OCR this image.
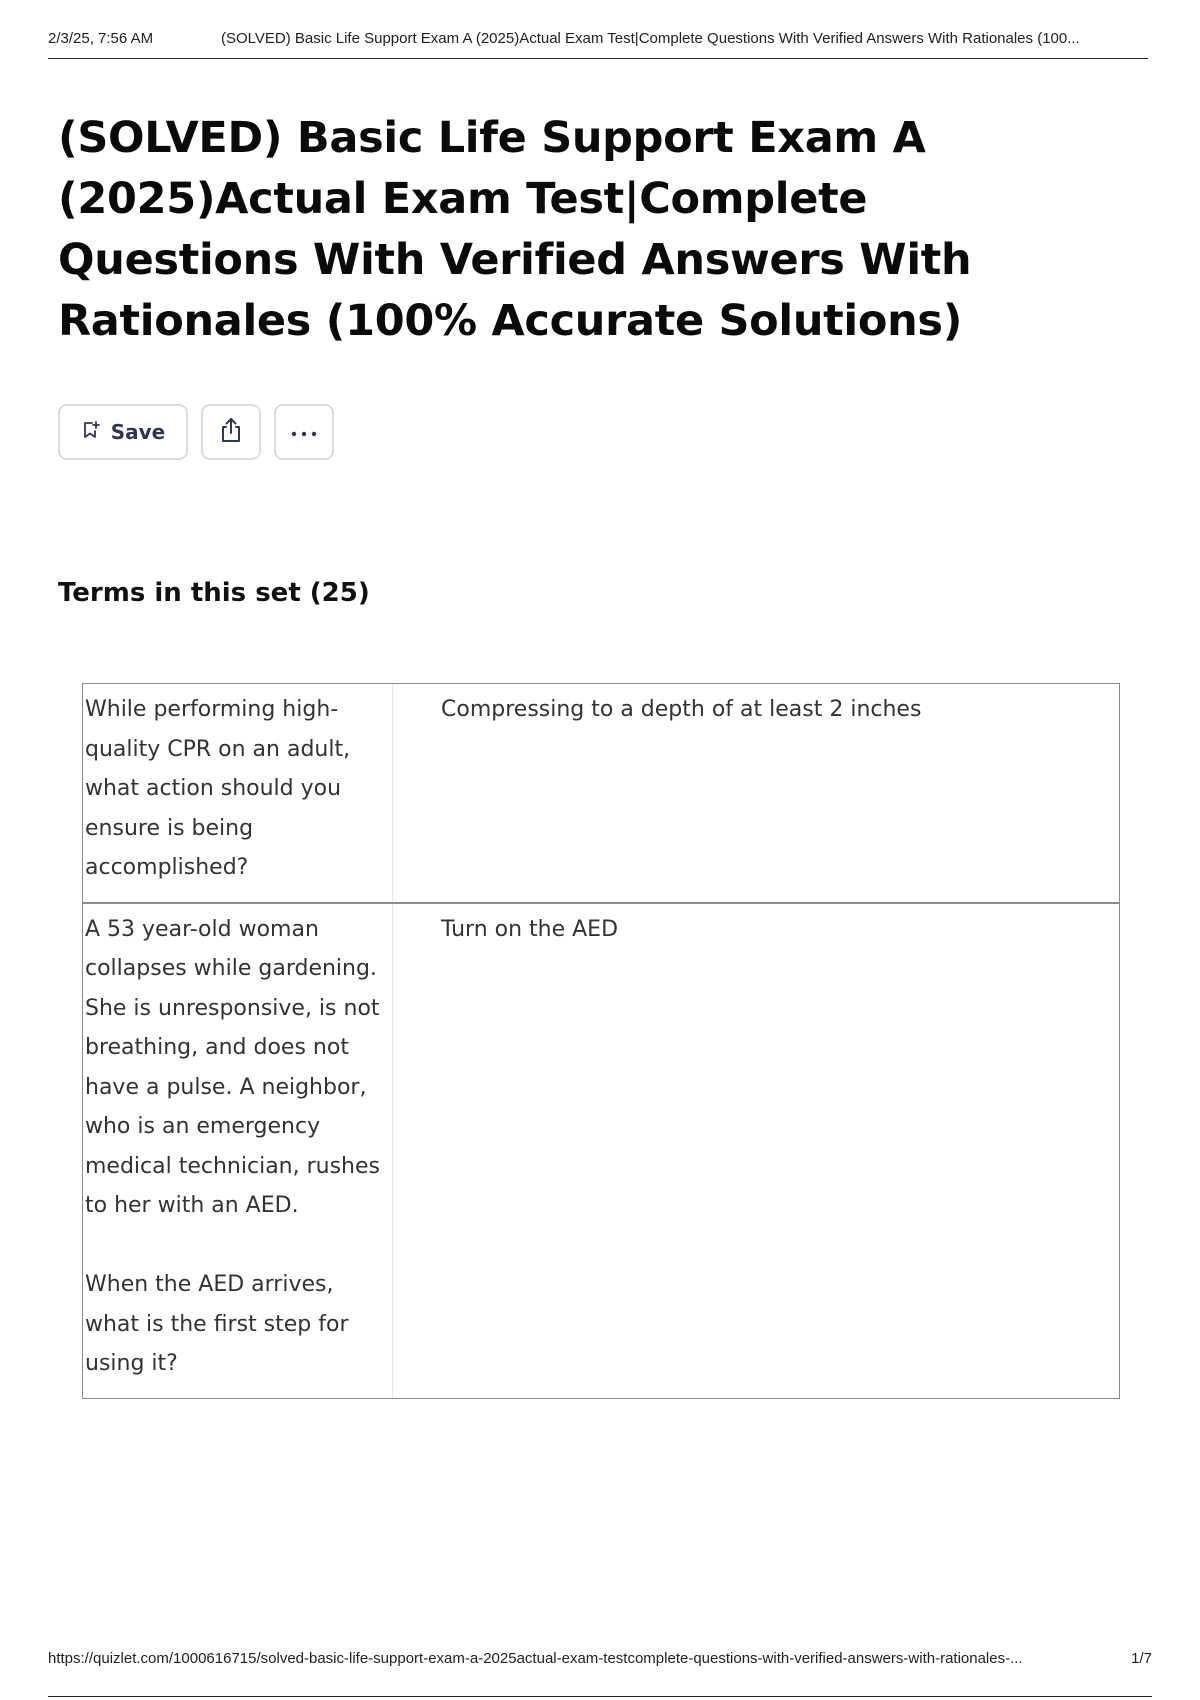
2/3/25, 7:56 AM	(SOLVED) Basic Life Support Exam A (2025)Actual Exam Test|Complete Questions With Verified Answers With Rationales (100...
(SOLVED) Basic Life Support Exam A (2025)Actual Exam Test|Complete Questions With Verified Answers With Rationales (100% Accurate Solutions)
Save
Terms in this set (25)
While performing high-quality CPR on an adult, what action should you ensure is being accomplished?
Compressing to a depth of at least 2 inches
A 53 year-old woman collapses while gardening. She is unresponsive, is not breathing, and does not have a pulse. A neighbor, who is an emergency medical technician, rushes to her with an AED.

When the AED arrives, what is the first step for using it?
Turn on the AED
https://quizlet.com/1000616715/solved-basic-life-support-exam-a-2025actual-exam-testcomplete-questions-with-verified-answers-with-rationales-...	1/7
